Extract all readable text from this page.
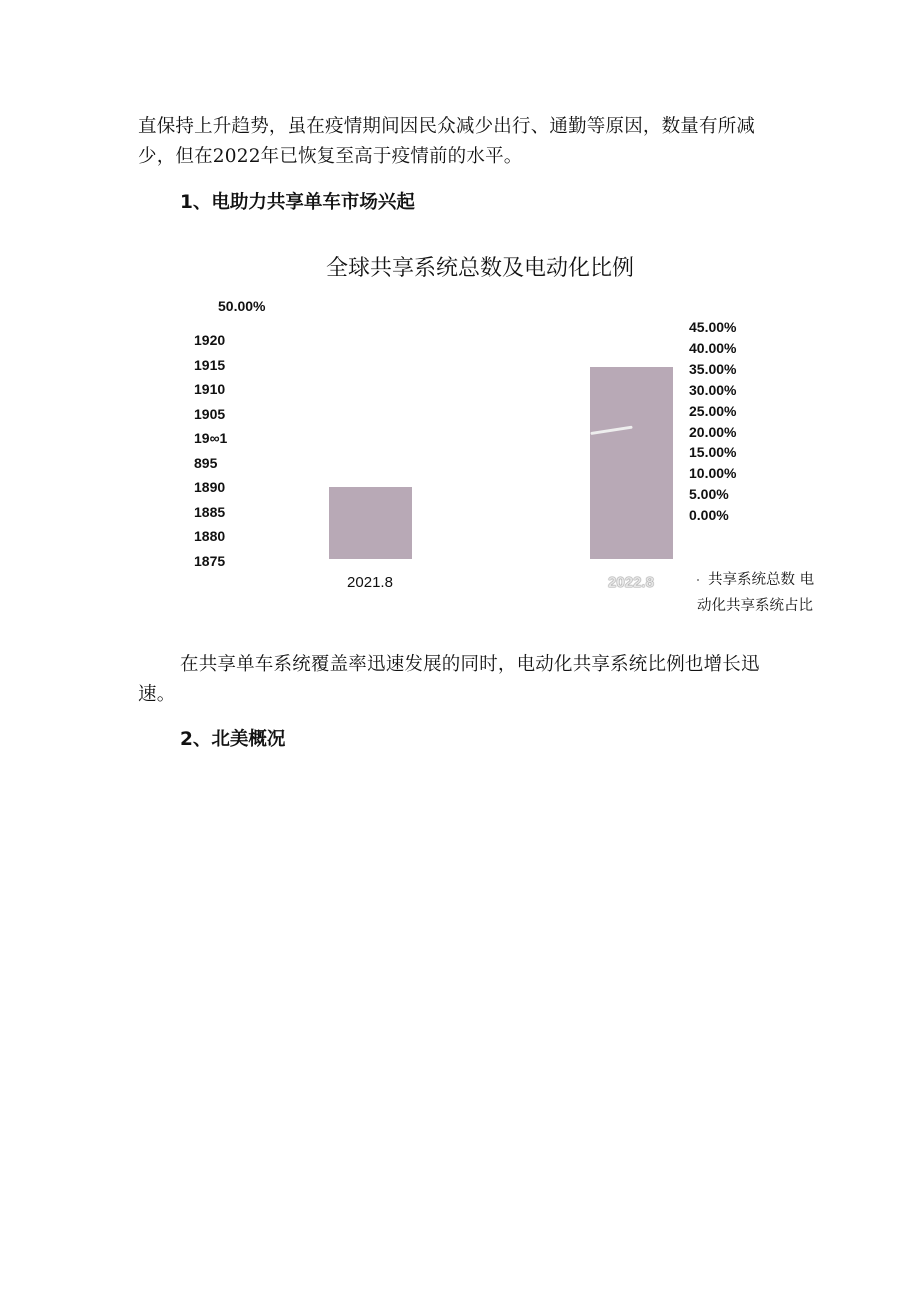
直保持上升趋势，虽在疫情期间因民众减少出行、通勤等原因，数量有所减
少，但在2022年已恢复至高于疫情前的水平。

1、电助力共享单车市场兴起
全球共享系统总数及电动化比例
50.00%
1920
1915
1910
1905
19∞1
895
1890
1885
1880
1875
45.00%
40.00%
35.00%
30.00%
25.00%
20.00%
15.00%
10.00%
5.00%
0.00%
2021.8	2022.8	共享系统总数 电
动化共享系统占比

在共享单车系统覆盖率迅速发展的同时，电动化共享系统比例也增长迅
速。

2、北美概况
